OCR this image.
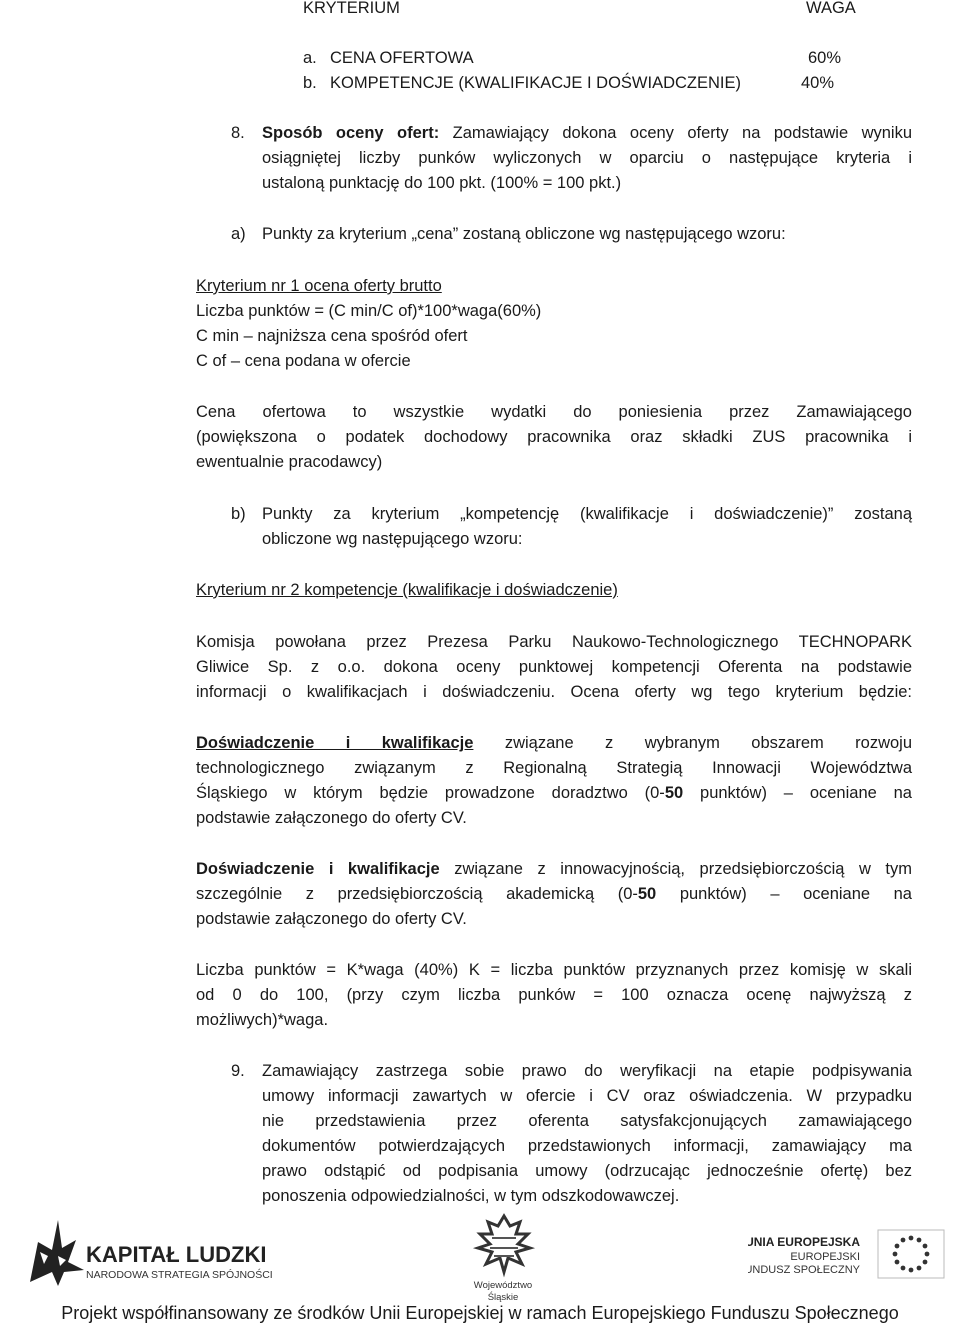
KRYTERIUM	WAGA
a. CENA OFERTOWA	60%
b. KOMPETENCJE (KWALIFIKACJE I DOŚWIADCZENIE)	40%
8. Sposób oceny ofert: Zamawiający dokona oceny oferty na podstawie wyniku
osiągniętej liczby punków wyliczonych w oparciu o następujące kryteria i
ustaloną punktację do 100 pkt. (100% = 100 pkt.)
a) Punkty za kryterium „cena” zostaną obliczone wg następującego wzoru:
Kryterium nr 1 ocena oferty brutto
Liczba punktów = (C min/C of)*100*waga(60%)
C min – najniższa cena spośród ofert
C of – cena podana w ofercie
Cena ofertowa to wszystkie wydatki do poniesienia przez Zamawiającego
(powiększona o podatek dochodowy pracownika oraz składki ZUS pracownika i
ewentualnie pracodawcy)
b) Punkty za kryterium „kompetencję (kwalifikacje i doświadczenie)” zostaną
obliczone wg następującego wzoru:
Kryterium nr 2 kompetencje (kwalifikacje i doświadczenie)
Komisja powołana przez Prezesa Parku Naukowo-Technologicznego TECHNOPARK
Gliwice Sp. z o.o. dokona oceny punktowej kompetencji Oferenta na podstawie
informacji o kwalifikacjach i doświadczeniu. Ocena oferty wg tego kryterium będzie:
Doświadczenie i kwalifikacje związane z wybranym obszarem rozwoju
technologicznego związanym z Regionalną Strategią Innowacji Województwa
Śląskiego w którym będzie prowadzone doradztwo (0-50 punktów) – oceniane na
podstawie załączonego do oferty CV.
Doświadczenie i kwalifikacje związane z innowacyjnością, przedsiębiorczością w tym
szczególnie z przedsiębiorczością akademicką (0-50 punktów) – oceniane na
podstawie załączonego do oferty CV.
Liczba punktów = K*waga (40%) K = liczba punktów przyznanych przez komisję w skali
od 0 do 100, (przy czym liczba punków = 100 oznacza ocenę najwyższą z
możliwych)*waga.
9. Zamawiający zastrzega sobie prawo do weryfikacji na etapie podpisywania
umowy informacji zawartych w ofercie i CV oraz oświadczenia. W przypadku
nie przedstawienia przez oferenta satysfakcjonujących zamawiającego
dokumentów potwierdzających przedstawionych informacji, zamawiający ma
prawo odstąpić od podpisania umowy (odrzucając jednocześnie ofertę) bez
ponoszenia odpowiedzialności, w tym odszkodowawczej.
KAPITAŁ LUDZKI
NARODOWA STRATEGIA SPÓJNOŚCI
Województwo
Śląskie
UNIA EUROPEJSKA
EUROPEJSKI
FUNDUSZ SPOŁECZNY
Projekt współfinansowany ze środków Unii Europejskiej w ramach Europejskiego Funduszu Społecznego
